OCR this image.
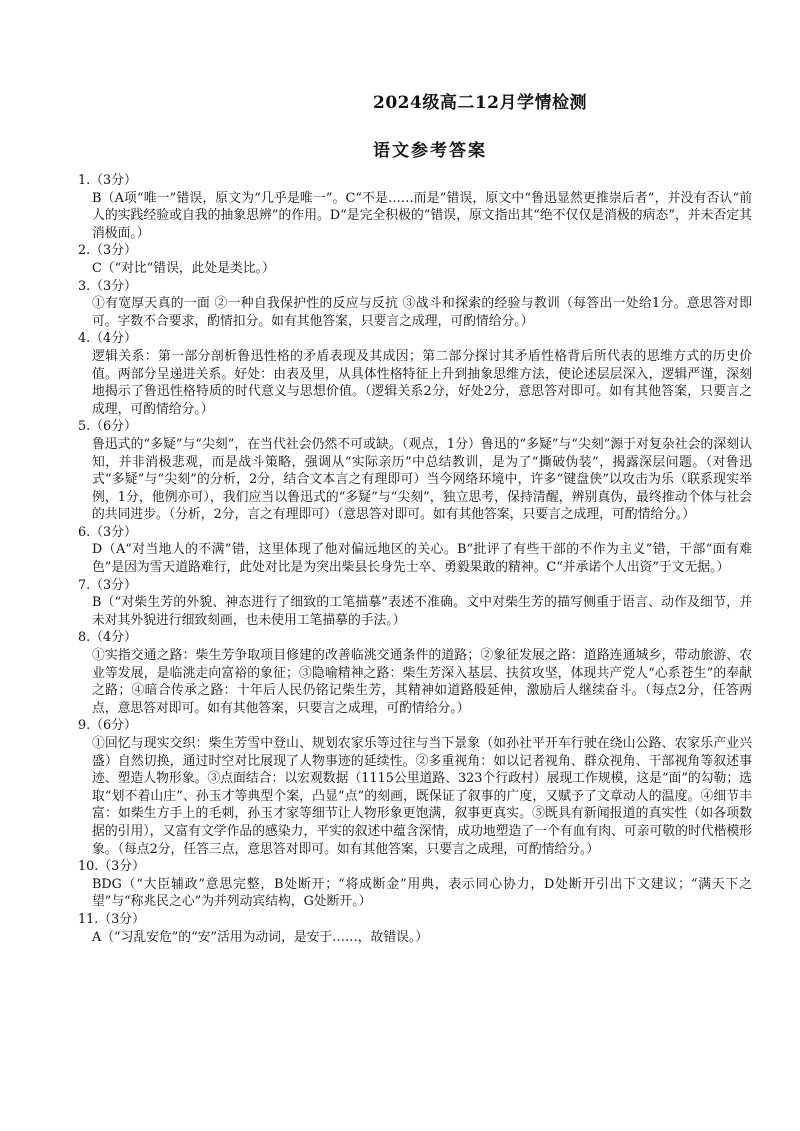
2024级高二12月学情检测
语文参考答案
1.（3分）
B（A项“唯一”错误，原文为“几乎是唯一”。C“不是……而是”错误，原文中“鲁迅显然更推崇后者”，并没有否认“前人的实践经验或自我的抽象思辨”的作用。D“是完全积极的”错误，原文指出其“绝不仅仅是消极的病态”，并未否定其消极面。）
2.（3分）
C（“对比”错误，此处是类比。）
3.（3分）
①有宽厚天真的一面 ②一种自我保护性的反应与反抗 ③战斗和探索的经验与教训（每答出一处给1分。意思答对即可。字数不合要求，酌情扣分。如有其他答案，只要言之成理，可酌情给分。）
4.（4分）
逻辑关系：第一部分剖析鲁迅性格的矛盾表现及其成因；第二部分探讨其矛盾性格背后所代表的思维方式的历史价值。两部分呈递进关系。好处：由表及里，从具体性格特征上升到抽象思维方法，使论述层层深入，逻辑严谨，深刻地揭示了鲁迅性格特质的时代意义与思想价值。（逻辑关系2分，好处2分，意思答对即可。如有其他答案，只要言之成理，可酌情给分。）
5.（6分）
鲁迅式的“多疑”与“尖刻”，在当代社会仍然不可或缺。（观点，1分）鲁迅的“多疑”与“尖刻”源于对复杂社会的深刻认知，并非消极悲观，而是战斗策略，强调从“实际亲历”中总结教训，是为了“撕破伪装”，揭露深层问题。（对鲁迅式“多疑”与“尖刻”的分析，2分，结合文本言之有理即可）当今网络环境中，许多“键盘侠”以攻击为乐（联系现实举例，1分，他例亦可），我们应当以鲁迅式的“多疑”与“尖刻”，独立思考，保持清醒，辨别真伪，最终推动个体与社会的共同进步。（分析，2分，言之有理即可）（意思答对即可。如有其他答案，只要言之成理，可酌情给分。）
6.（3分）
D（A“对当地人的不满”错，这里体现了他对偏远地区的关心。B“批评了有些干部的不作为主义”错，干部“面有难色”是因为雪天道路难行，此处对比是为突出柴县长身先士卒、勇毅果敢的精神。C“并承诺个人出资”于文无据。）
7.（3分）
B（“对柴生芳的外貌、神态进行了细致的工笔描摹”表述不准确。文中对柴生芳的描写侧重于语言、动作及细节，并未对其外貌进行细致刻画，也未使用工笔描摹的手法。）
8.（4分）
①实指交通之路：柴生芳争取项目修建的改善临洮交通条件的道路；②象征发展之路：道路连通城乡，带动旅游、农业等发展，是临洮走向富裕的象征；③隐喻精神之路：柴生芳深入基层、扶贫攻坚，体现共产党人“心系苍生”的奉献之路；④暗合传承之路：十年后人民仍铭记柴生芳，其精神如道路般延伸，激励后人继续奋斗。（每点2分，任答两点，意思答对即可。如有其他答案，只要言之成理，可酌情给分。）
9.（6分）
①回忆与现实交织：柴生芳雪中登山、规划农家乐等过往与当下景象（如孙社平开车行驶在绕山公路、农家乐产业兴盛）自然切换，通过时空对比展现了人物事迹的延续性。②多重视角：如以记者视角、群众视角、干部视角等叙述事迹、塑造人物形象。③点面结合：以宏观数据（1115公里道路、323个行政村）展现工作规模，这是“面”的勾勒；选取“划不着山庄”、孙玉才等典型个案，凸显“点”的刻画，既保证了叙事的广度，又赋予了文章动人的温度。④细节丰富：如柴生方手上的毛刺，孙玉才家等细节让人物形象更饱满，叙事更真实。⑤既具有新闻报道的真实性（如各项数据的引用），又富有文学作品的感染力，平实的叙述中蕴含深情，成功地塑造了一个有血有肉、可亲可敬的时代楷模形象。（每点2分，任答三点，意思答对即可。如有其他答案，只要言之成理，可酌情给分。）
10.（3分）
BDG（“大臣辅政”意思完整，B处断开；“将成断金”用典，表示同心协力，D处断开引出下文建议；“满天下之望”与“称兆民之心”为并列动宾结构，G处断开。）
11.（3分）
A（“习乱安危”的“安”活用为动词，是安于……，故错误。）
